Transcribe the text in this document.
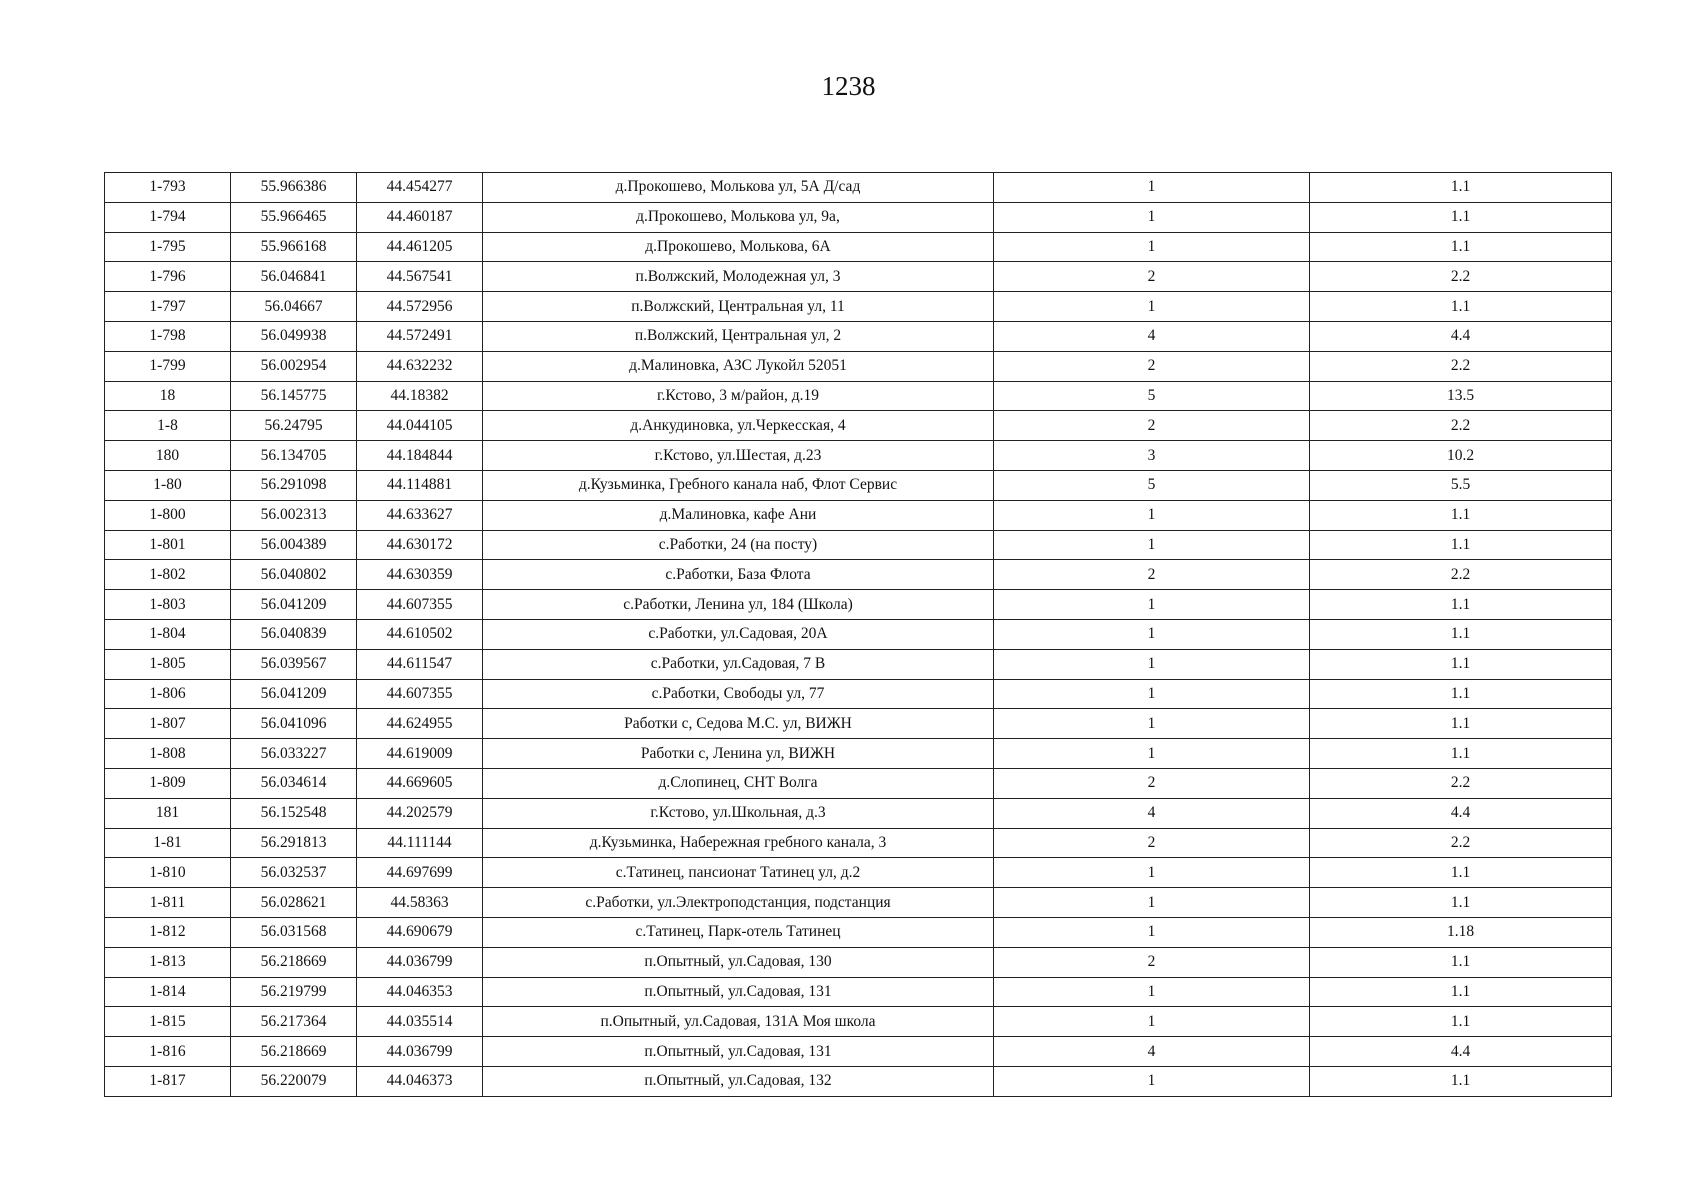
1238
1-793	55.966386	44.454277	д.Прокошево, Молькова ул, 5А Д/сад	1	1.1
1-794	55.966465	44.460187	д.Прокошево, Молькова ул, 9а,	1	1.1
1-795	55.966168	44.461205	д.Прокошево, Молькова, 6А	1	1.1
1-796	56.046841	44.567541	п.Волжский, Молодежная ул, 3	2	2.2
1-797	56.04667	44.572956	п.Волжский, Центральная ул, 11	1	1.1
1-798	56.049938	44.572491	п.Волжский, Центральная ул, 2	4	4.4
1-799	56.002954	44.632232	д.Малиновка, АЗС Лукойл 52051	2	2.2
18	56.145775	44.18382	г.Кстово, 3 м/район, д.19	5	13.5
1-8	56.24795	44.044105	д.Анкудиновка, ул.Черкесская, 4	2	2.2
180	56.134705	44.184844	г.Кстово, ул.Шестая, д.23	3	10.2
1-80	56.291098	44.114881	д.Кузьминка, Гребного канала наб, Флот Сервис	5	5.5
1-800	56.002313	44.633627	д.Малиновка, кафе Ани	1	1.1
1-801	56.004389	44.630172	с.Работки, 24 (на посту)	1	1.1
1-802	56.040802	44.630359	с.Работки, База Флота	2	2.2
1-803	56.041209	44.607355	с.Работки, Ленина ул, 184 (Школа)	1	1.1
1-804	56.040839	44.610502	с.Работки, ул.Садовая, 20А	1	1.1
1-805	56.039567	44.611547	с.Работки, ул.Садовая, 7 В	1	1.1
1-806	56.041209	44.607355	с.Работки, Свободы ул, 77	1	1.1
1-807	56.041096	44.624955	Работки с, Седова М.С. ул, ВИЖН	1	1.1
1-808	56.033227	44.619009	Работки с, Ленина ул, ВИЖН	1	1.1
1-809	56.034614	44.669605	д.Слопинец, СНТ Волга	2	2.2
181	56.152548	44.202579	г.Кстово, ул.Школьная, д.3	4	4.4
1-81	56.291813	44.111144	д.Кузьминка, Набережная гребного канала, 3	2	2.2
1-810	56.032537	44.697699	с.Татинец, пансионат Татинец ул, д.2	1	1.1
1-811	56.028621	44.58363	с.Работки, ул.Электроподстанция, подстанция	1	1.1
1-812	56.031568	44.690679	с.Татинец, Парк-отель Татинец	1	1.18
1-813	56.218669	44.036799	п.Опытный, ул.Садовая, 130	2	1.1
1-814	56.219799	44.046353	п.Опытный, ул.Садовая, 131	1	1.1
1-815	56.217364	44.035514	п.Опытный, ул.Садовая, 131А Моя школа	1	1.1
1-816	56.218669	44.036799	п.Опытный, ул.Садовая, 131	4	4.4
1-817	56.220079	44.046373	п.Опытный, ул.Садовая, 132	1	1.1
